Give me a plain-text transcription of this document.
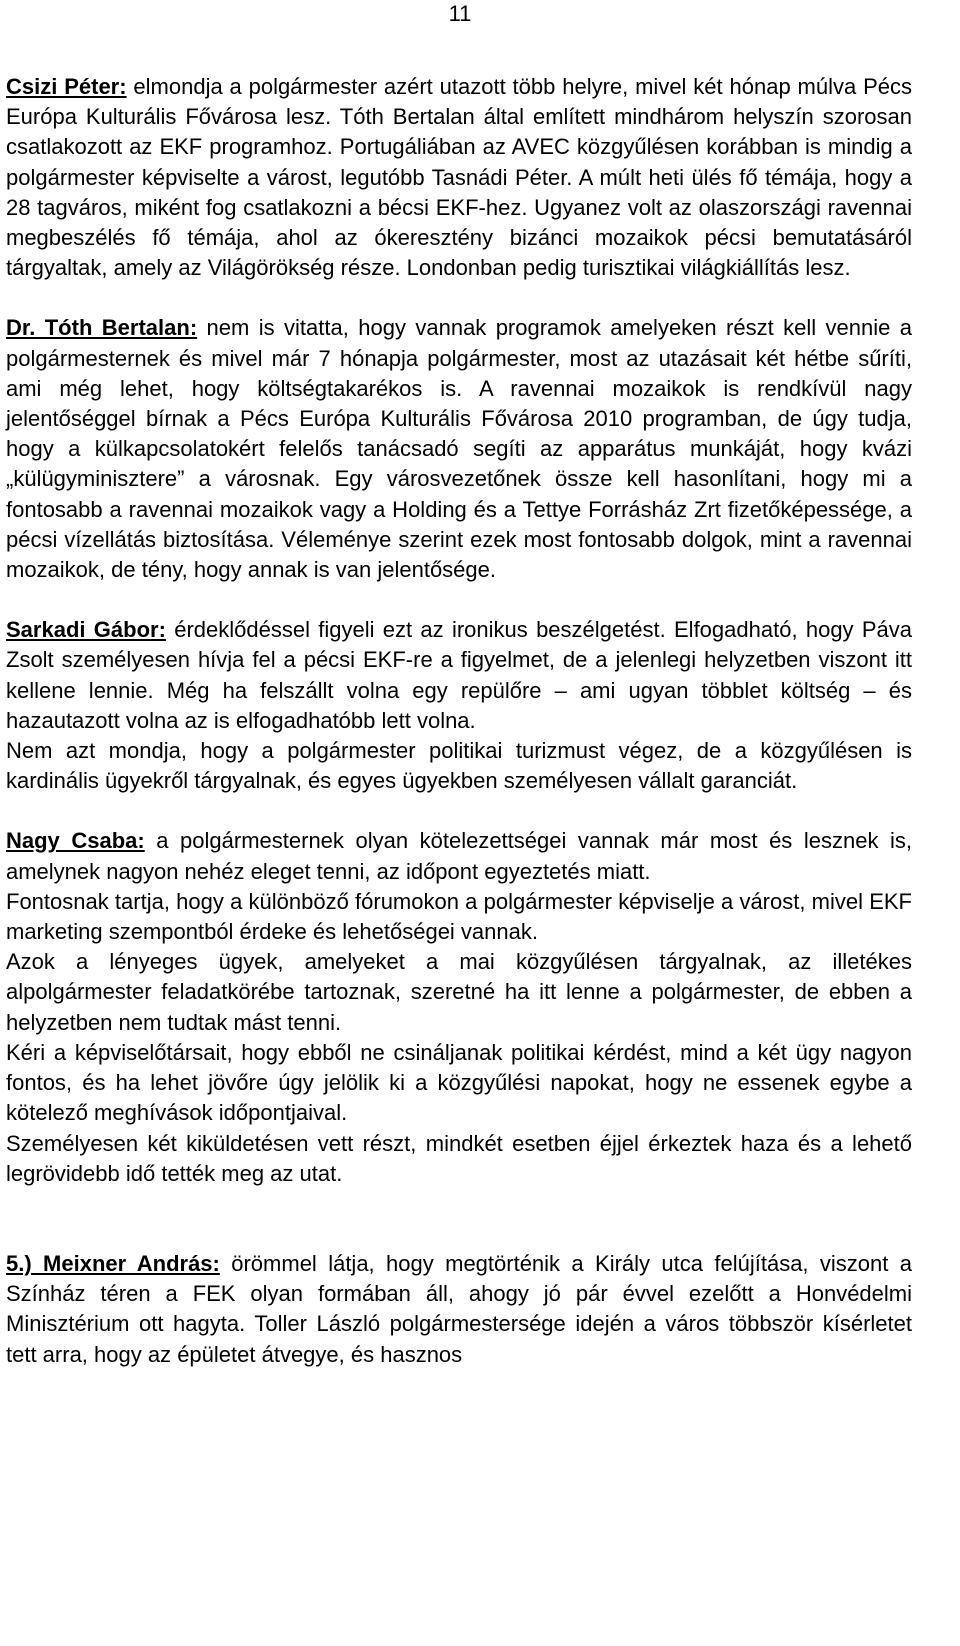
11

Csizi Péter: elmondja a polgármester azért utazott több helyre, mivel két hónap múlva Pécs Európa Kulturális Fővárosa lesz. Tóth Bertalan által említett mindhárom helyszín szorosan csatlakozott az EKF programhoz. Portugáliában az AVEC közgyűlésen korábban is mindig a polgármester képviselte a várost, legutóbb Tasnádi Péter. A múlt heti ülés fő témája, hogy a 28 tagváros, miként fog csatlakozni a bécsi EKF-hez. Ugyanez volt az olaszországi ravennai megbeszélés fő témája, ahol az ókeresztény bizánci mozaikok pécsi bemutatásáról tárgyaltak, amely az Világörökség része. Londonban pedig turisztikai világkiállítás lesz.

Dr. Tóth Bertalan: nem is vitatta, hogy vannak programok amelyeken részt kell vennie a polgármesternek és mivel már 7 hónapja polgármester, most az utazásait két hétbe sűríti, ami még lehet, hogy költségtakarékos is. A ravennai mozaikok is rendkívül nagy jelentőséggel bírnak a Pécs Európa Kulturális Fővárosa 2010 programban, de úgy tudja, hogy a külkapcsolatokért felelős tanácsadó segíti az apparátus munkáját, hogy kvázi „külügyminisztere” a városnak. Egy városvezetőnek össze kell hasonlítani, hogy mi a fontosabb a ravennai mozaikok vagy a Holding és a Tettye Forrásház Zrt fizetőképessége, a pécsi vízellátás biztosítása. Véleménye szerint ezek most fontosabb dolgok, mint a ravennai mozaikok, de tény, hogy annak is van jelentősége.

Sarkadi Gábor: érdeklődéssel figyeli ezt az ironikus beszélgetést. Elfogadható, hogy Páva Zsolt személyesen hívja fel a pécsi EKF-re a figyelmet, de a jelenlegi helyzetben viszont itt kellene lennie. Még ha felszállt volna egy repülőre – ami ugyan többlet költség – és hazautazott volna az is elfogadhatóbb lett volna.

Nem azt mondja, hogy a polgármester politikai turizmust végez, de a közgyűlésen is kardinális ügyekről tárgyalnak, és egyes ügyekben személyesen vállalt garanciát.

Nagy Csaba: a polgármesternek olyan kötelezettségei vannak már most és lesznek is, amelynek nagyon nehéz eleget tenni, az időpont egyeztetés miatt.

Fontosnak tartja, hogy a különböző fórumokon a polgármester képviselje a várost, mivel EKF marketing szempontból érdeke és lehetőségei vannak.

Azok a lényeges ügyek, amelyeket a mai közgyűlésen tárgyalnak, az illetékes alpolgármester feladatkörébe tartoznak, szeretné ha itt lenne a polgármester, de ebben a helyzetben nem tudtak mást tenni.

Kéri a képviselőtársait, hogy ebből ne csináljanak politikai kérdést, mind a két ügy nagyon fontos, és ha lehet jövőre úgy jelölik ki a közgyűlési napokat, hogy ne essenek egybe a kötelező meghívások időpontjaival.

Személyesen két kiküldetésen vett részt, mindkét esetben éjjel érkeztek haza és a lehető legrövidebb idő tették meg az utat.

5.) Meixner András: örömmel látja, hogy megtörténik a Király utca felújítása, viszont a Színház téren a FEK olyan formában áll, ahogy jó pár évvel ezelőtt a Honvédelmi Minisztérium ott hagyta. Toller László polgármestersége idején a város többször kísérletet tett arra, hogy az épületet átvegye, és hasznos
